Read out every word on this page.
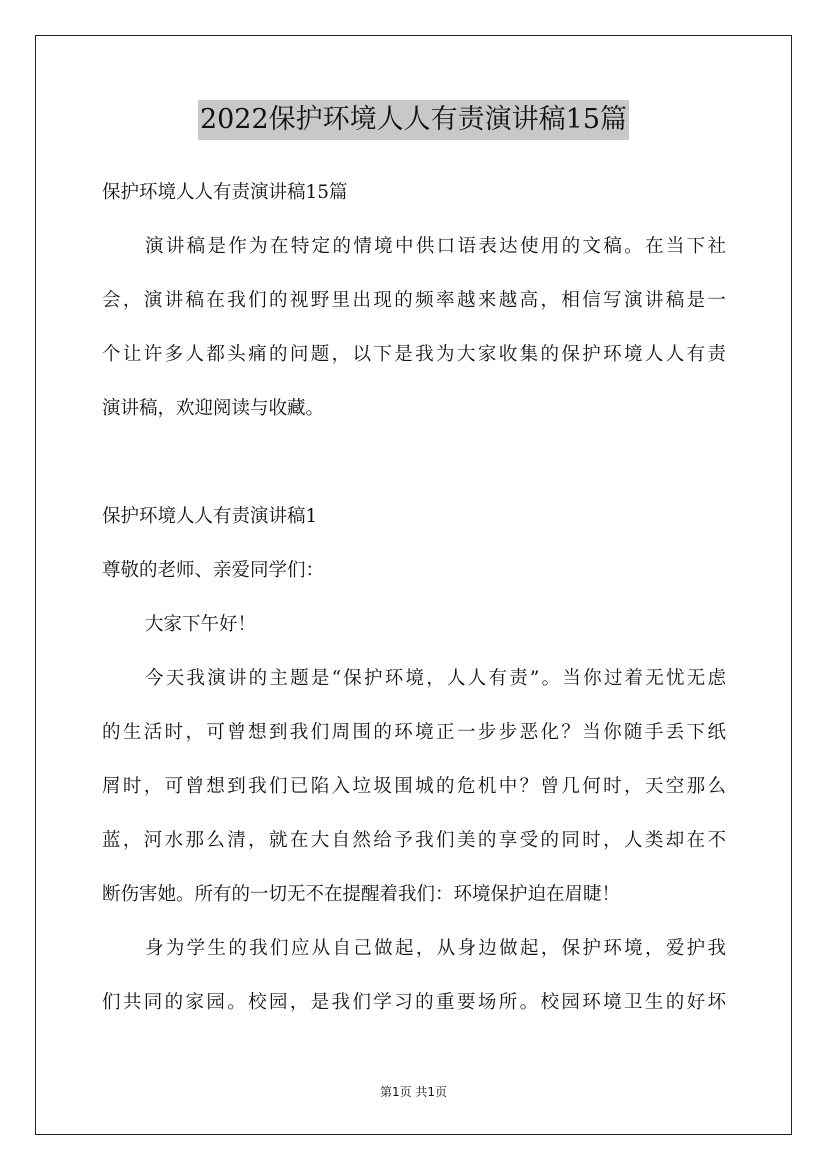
2022保护环境人人有责演讲稿15篇
保护环境人人有责演讲稿15篇
演讲稿是作为在特定的情境中供口语表达使用的文稿。在当下社
会，演讲稿在我们的视野里出现的频率越来越高，相信写演讲稿是一
个让许多人都头痛的问题，以下是我为大家收集的保护环境人人有责
演讲稿，欢迎阅读与收藏。
保护环境人人有责演讲稿1
尊敬的老师、亲爱同学们：
大家下午好！
今天我演讲的主题是“保护环境，人人有责”。当你过着无忧无虑
的生活时，可曾想到我们周围的环境正一步步恶化？当你随手丢下纸
屑时，可曾想到我们已陷入垃圾围城的危机中？曾几何时，天空那么
蓝，河水那么清，就在大自然给予我们美的享受的同时，人类却在不
断伤害她。所有的一切无不在提醒着我们：环境保护迫在眉睫！
身为学生的我们应从自己做起，从身边做起，保护环境，爱护我
们共同的家园。校园，是我们学习的重要场所。校园环境卫生的好坏
第1页 共1页
